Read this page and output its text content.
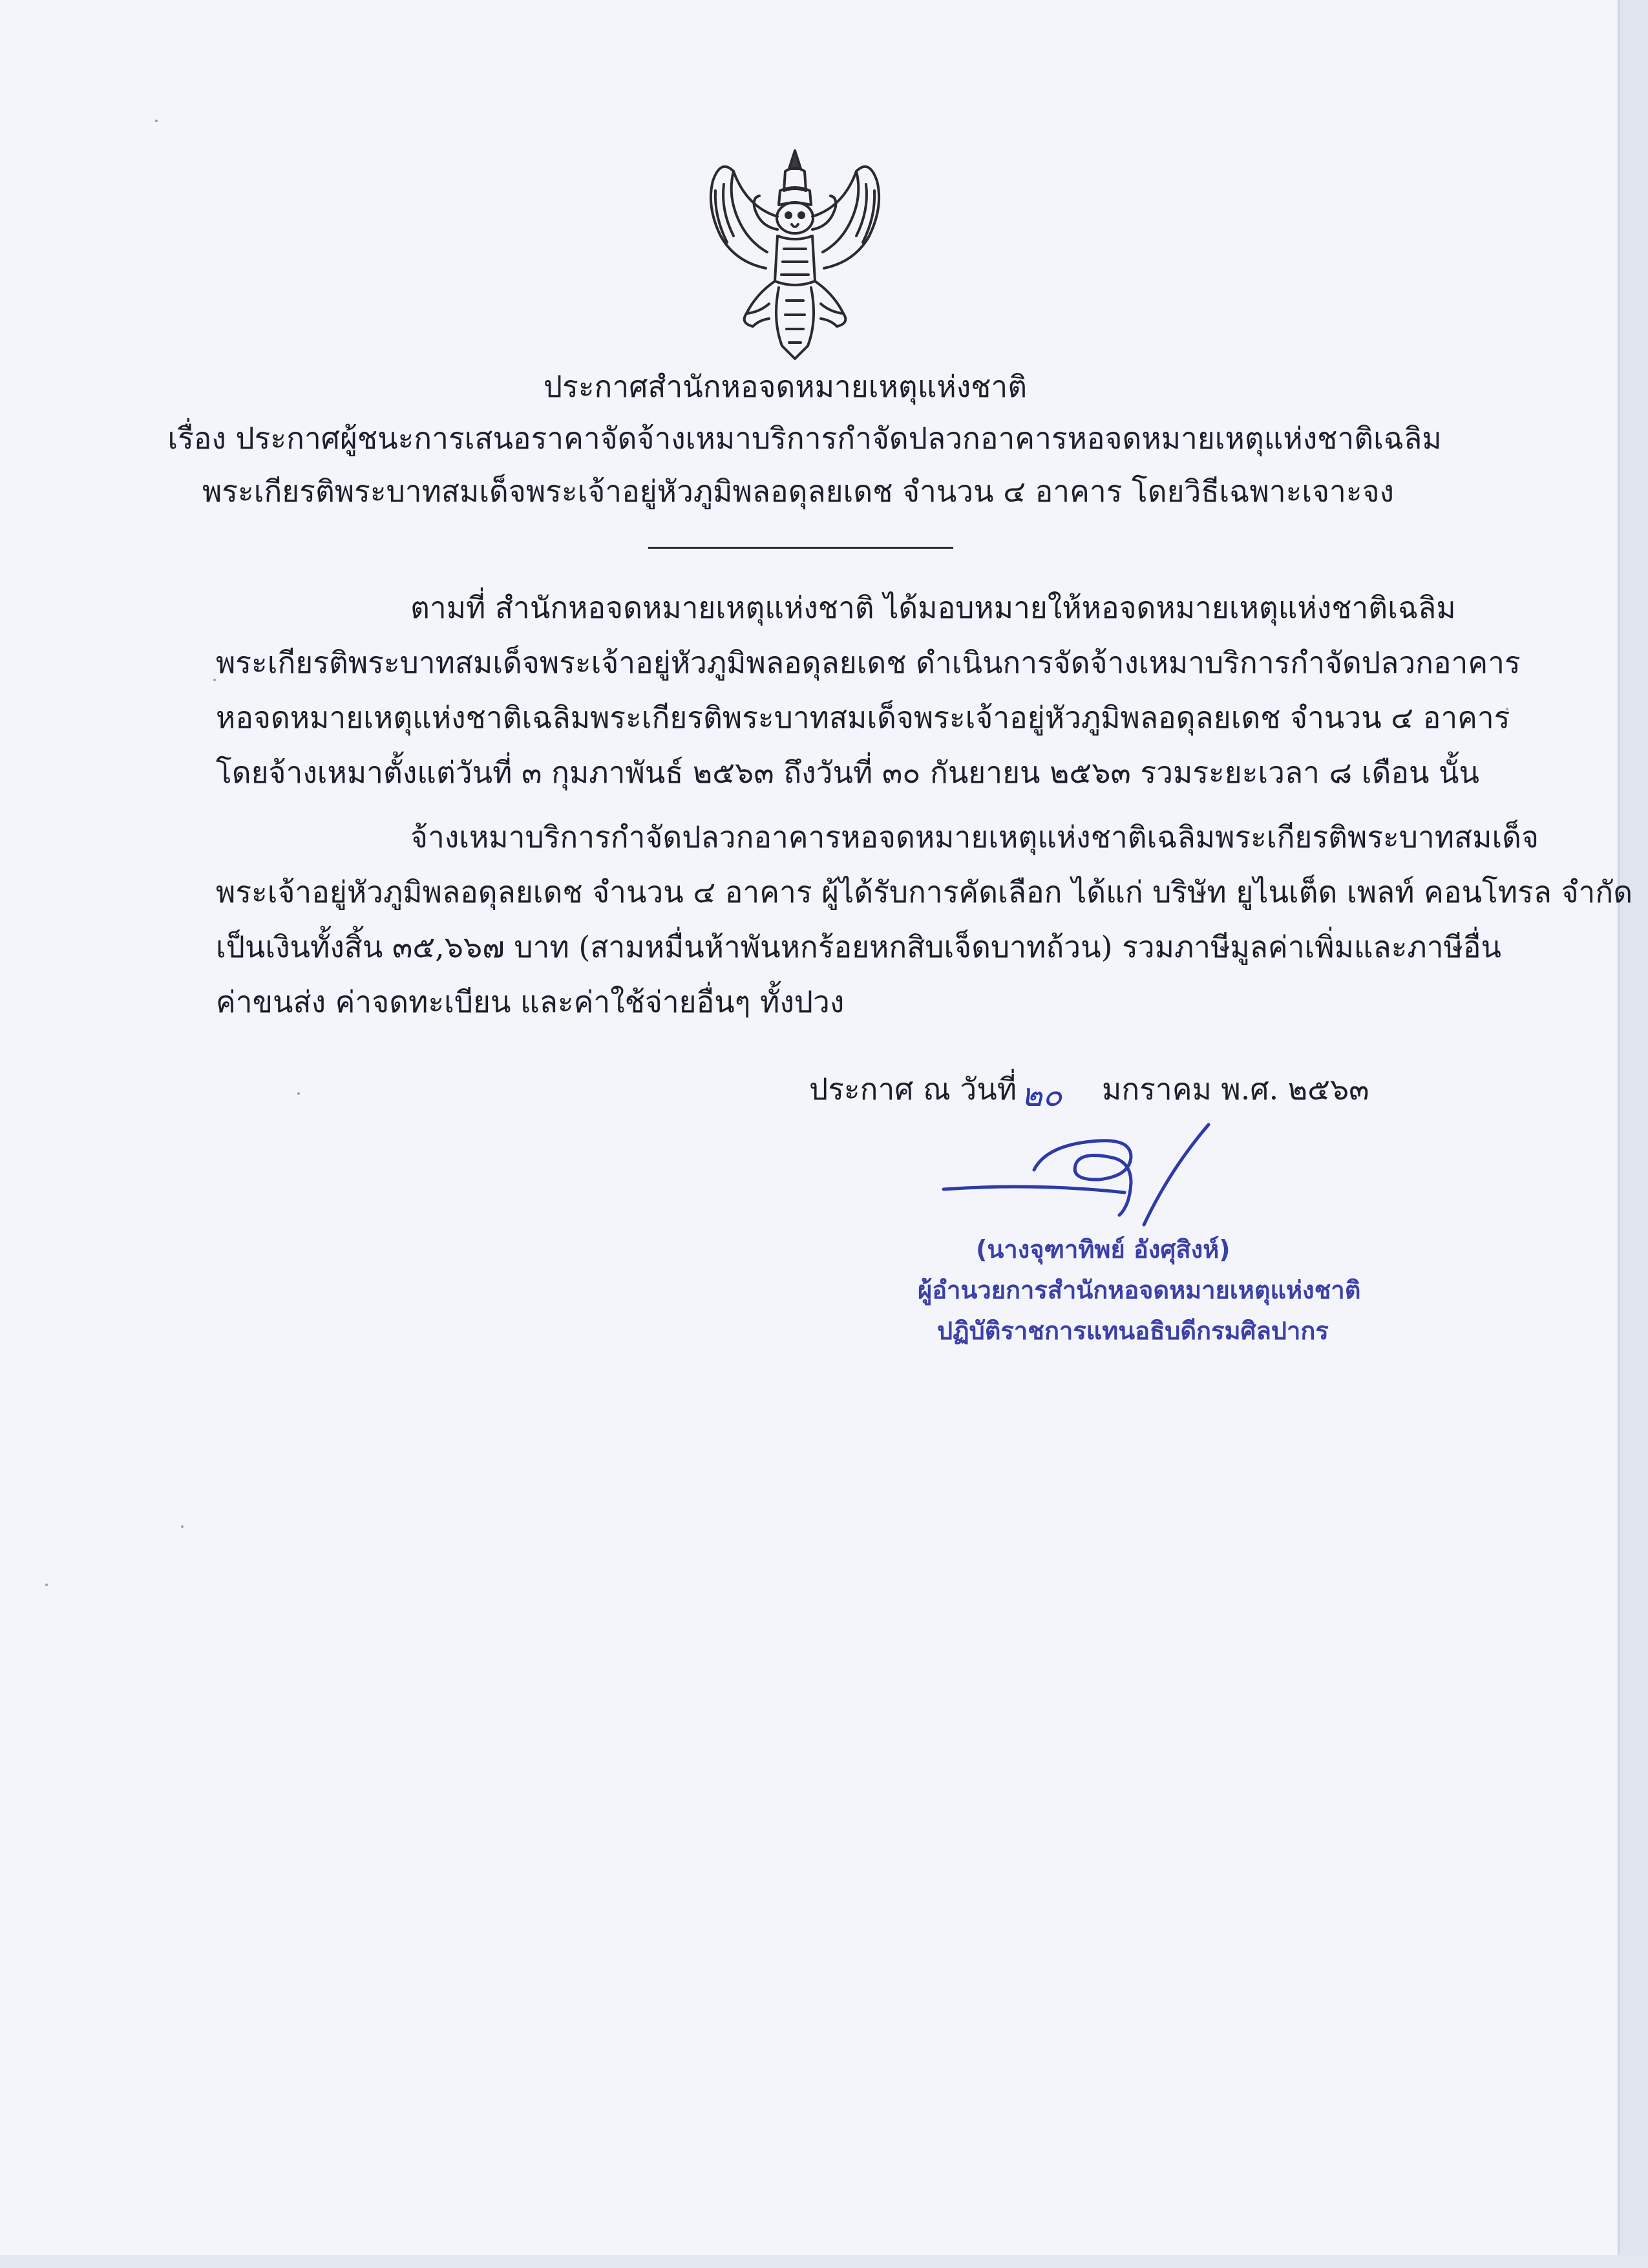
ประกาศสำนักหอจดหมายเหตุแห่งชาติ
เรื่อง ประกาศผู้ชนะการเสนอราคาจัดจ้างเหมาบริการกำจัดปลวกอาคารหอจดหมายเหตุแห่งชาติเฉลิม
พระเกียรติพระบาทสมเด็จพระเจ้าอยู่หัวภูมิพลอดุลยเดช จำนวน ๔ อาคาร โดยวิธีเฉพาะเจาะจง
ตามที่ สำนักหอจดหมายเหตุแห่งชาติ ได้มอบหมายให้หอจดหมายเหตุแห่งชาติเฉลิม
พระเกียรติพระบาทสมเด็จพระเจ้าอยู่หัวภูมิพลอดุลยเดช ดำเนินการจัดจ้างเหมาบริการกำจัดปลวกอาคาร
หอจดหมายเหตุแห่งชาติเฉลิมพระเกียรติพระบาทสมเด็จพระเจ้าอยู่หัวภูมิพลอดุลยเดช จำนวน ๔ อาคาร
โดยจ้างเหมาตั้งแต่วันที่ ๓ กุมภาพันธ์ ๒๕๖๓ ถึงวันที่ ๓๐ กันยายน ๒๕๖๓ รวมระยะเวลา ๘ เดือน นั้น
จ้างเหมาบริการกำจัดปลวกอาคารหอจดหมายเหตุแห่งชาติเฉลิมพระเกียรติพระบาทสมเด็จ
พระเจ้าอยู่หัวภูมิพลอดุลยเดช จำนวน ๔ อาคาร ผู้ได้รับการคัดเลือก ได้แก่ บริษัท ยูไนเต็ด เพลท์ คอนโทรล จำกัด
เป็นเงินทั้งสิ้น ๓๕,๖๖๗ บาท (สามหมื่นห้าพันหกร้อยหกสิบเจ็ดบาทถ้วน) รวมภาษีมูลค่าเพิ่มและภาษีอื่น
ค่าขนส่ง ค่าจดทะเบียน และค่าใช้จ่ายอื่นๆ ทั้งปวง
ประกาศ ณ วันที่ ๒๐ มกราคม พ.ศ. ๒๕๖๓
(นางจุฑาทิพย์ อังศุสิงห์)
ผู้อำนวยการสำนักหอจดหมายเหตุแห่งชาติ
ปฏิบัติราชการแทนอธิบดีกรมศิลปากร
